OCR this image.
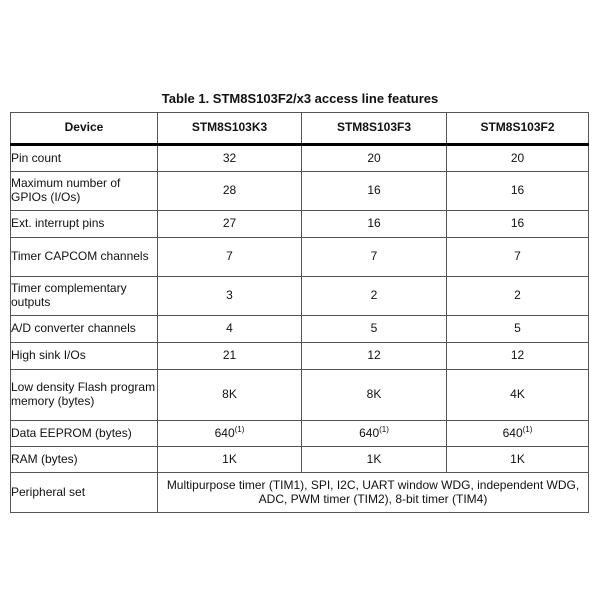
Table 1. STM8S103F2/x3 access line features
Device	STM8S103K3	STM8S103F3	STM8S103F2
Pin count	32	20	20
Maximum number of GPIOs (I/Os)	28	16	16
Ext. interrupt pins	27	16	16
Timer CAPCOM channels	7	7	7
Timer complementary outputs	3	2	2
A/D converter channels	4	5	5
High sink I/Os	21	12	12
Low density Flash program memory (bytes)	8K	8K	4K
Data EEPROM (bytes)	640$^{(1)}$	640$^{(1)}$	640$^{(1)}$
RAM (bytes)	1K	1K	1K
Peripheral set	Multipurpose timer (TIM1), SPI, I2C, UART window WDG, independent WDG, ADC, PWM timer (TIM2), 8-bit timer (TIM4)		
